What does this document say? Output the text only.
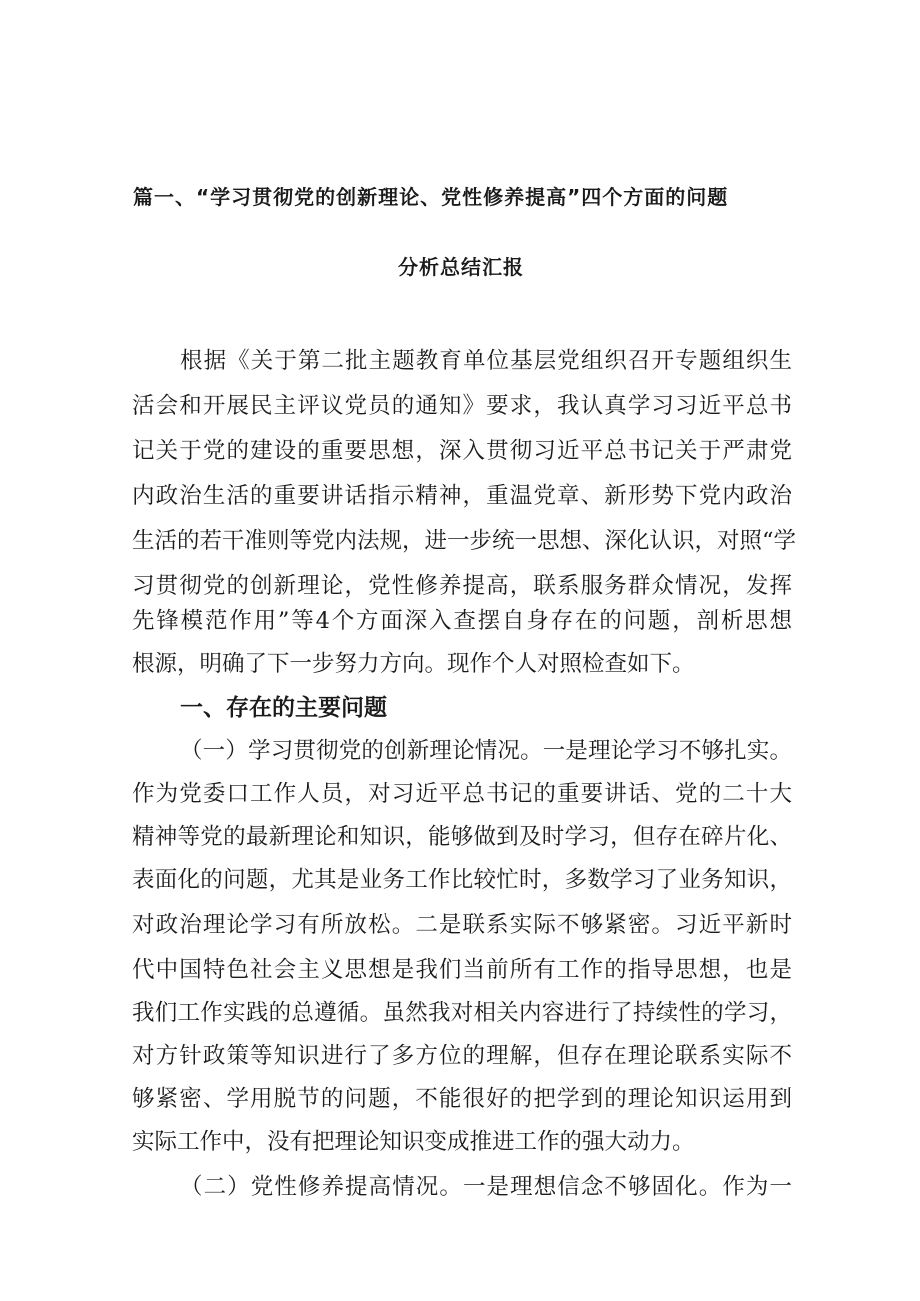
篇一、“学习贯彻党的创新理论、党性修养提高”四个方面的问题
分析总结汇报
根据《关于第二批主题教育单位基层党组织召开专题组织生
活会和开展民主评议党员的通知》要求，我认真学习习近平总书
记关于党的建设的重要思想，深入贯彻习近平总书记关于严肃党
内政治生活的重要讲话指示精神，重温党章、新形势下党内政治
生活的若干准则等党内法规，进一步统一思想、深化认识，对照“学
习贯彻党的创新理论，党性修养提高，联系服务群众情况，发挥
先锋模范作用”等4个方面深入查摆自身存在的问题，剖析思想
根源，明确了下一步努力方向。现作个人对照检查如下。
一、存在的主要问题
（一）学习贯彻党的创新理论情况。一是理论学习不够扎实。
作为党委口工作人员，对习近平总书记的重要讲话、党的二十大
精神等党的最新理论和知识，能够做到及时学习，但存在碎片化、
表面化的问题，尤其是业务工作比较忙时，多数学习了业务知识，
对政治理论学习有所放松。二是联系实际不够紧密。习近平新时
代中国特色社会主义思想是我们当前所有工作的指导思想，也是
我们工作实践的总遵循。虽然我对相关内容进行了持续性的学习，
对方针政策等知识进行了多方位的理解，但存在理论联系实际不
够紧密、学用脱节的问题，不能很好的把学到的理论知识运用到
实际工作中，没有把理论知识变成推进工作的强大动力。
（二）党性修养提高情况。一是理想信念不够固化。作为一
